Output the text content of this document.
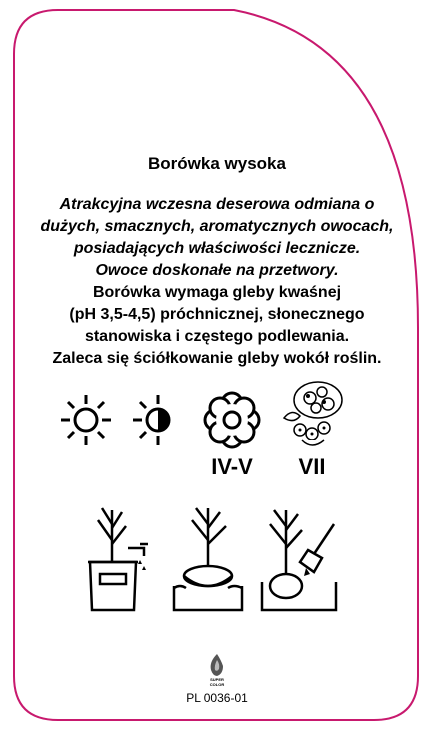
Borówka wysoka
Atrakcyjna wczesna deserowa odmiana o
dużych, smacznych, aromatycznych owocach,
posiadających właściwości lecznicze.
Owoce doskonałe na przetwory.
Borówka wymaga gleby kwaśnej
(pH 3,5-4,5) próchnicznej, słonecznego
stanowiska i częstego podlewania.
Zaleca się ściółkowanie gleby wokół roślin.
IV-V	VII
SUPER
COLOR
PL 0036-01
